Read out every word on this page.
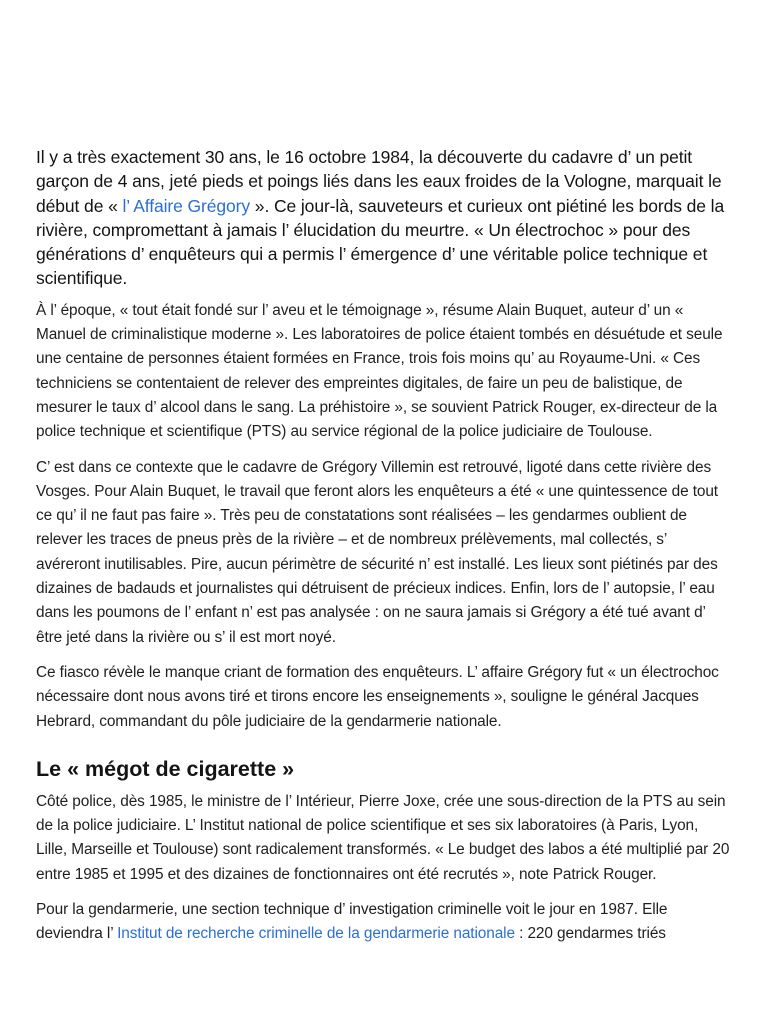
Il y a très exactement 30 ans, le 16 octobre 1984, la découverte du cadavre d’ un petit garçon de 4 ans, jeté pieds et poings liés dans les eaux froides de la Vologne, marquait le début de « l’ Affaire Grégory ». Ce jour-là, sauveteurs et curieux ont piétiné les bords de la rivière, compromettant à jamais l’ élucidation du meurtre. « Un électrochoc » pour des générations d’ enquêteurs qui a permis l’ émergence d’ une véritable police technique et scientifique.

À l’ époque, « tout était fondé sur l’ aveu et le témoignage », résume Alain Buquet, auteur d’ un « Manuel de criminalistique moderne ». Les laboratoires de police étaient tombés en désuétude et seule une centaine de personnes étaient formées en France, trois fois moins qu’ au Royaume-Uni. « Ces techniciens se contentaient de relever des empreintes digitales, de faire un peu de balistique, de mesurer le taux d’ alcool dans le sang. La préhistoire », se souvient Patrick Rouger, ex-directeur de la police technique et scientifique (PTS) au service régional de la police judiciaire de Toulouse.

C’ est dans ce contexte que le cadavre de Grégory Villemin est retrouvé, ligoté dans cette rivière des Vosges. Pour Alain Buquet, le travail que feront alors les enquêteurs a été « une quintessence de tout ce qu’ il ne faut pas faire ». Très peu de constatations sont réalisées – les gendarmes oublient de relever les traces de pneus près de la rivière – et de nombreux prélèvements, mal collectés, s’ avéreront inutilisables. Pire, aucun périmètre de sécurité n’ est installé. Les lieux sont piétinés par des dizaines de badauds et journalistes qui détruisent de précieux indices. Enfin, lors de l’ autopsie, l’ eau dans les poumons de l’ enfant n’ est pas analysée : on ne saura jamais si Grégory a été tué avant d’ être jeté dans la rivière ou s’ il est mort noyé.

Ce fiasco révèle le manque criant de formation des enquêteurs. L’ affaire Grégory fut « un électrochoc nécessaire dont nous avons tiré et tirons encore les enseignements », souligne le général Jacques Hebrard, commandant du pôle judiciaire de la gendarmerie nationale.

Le « mégot de cigarette »

Côté police, dès 1985, le ministre de l’ Intérieur, Pierre Joxe, crée une sous-direction de la PTS au sein de la police judiciaire. L’ Institut national de police scientifique et ses six laboratoires (à Paris, Lyon, Lille, Marseille et Toulouse) sont radicalement transformés. « Le budget des labos a été multiplié par 20 entre 1985 et 1995 et des dizaines de fonctionnaires ont été recrutés », note Patrick Rouger.

Pour la gendarmerie, une section technique d’ investigation criminelle voit le jour en 1987. Elle deviendra l’ Institut de recherche criminelle de la gendarmerie nationale : 220 gendarmes triés
